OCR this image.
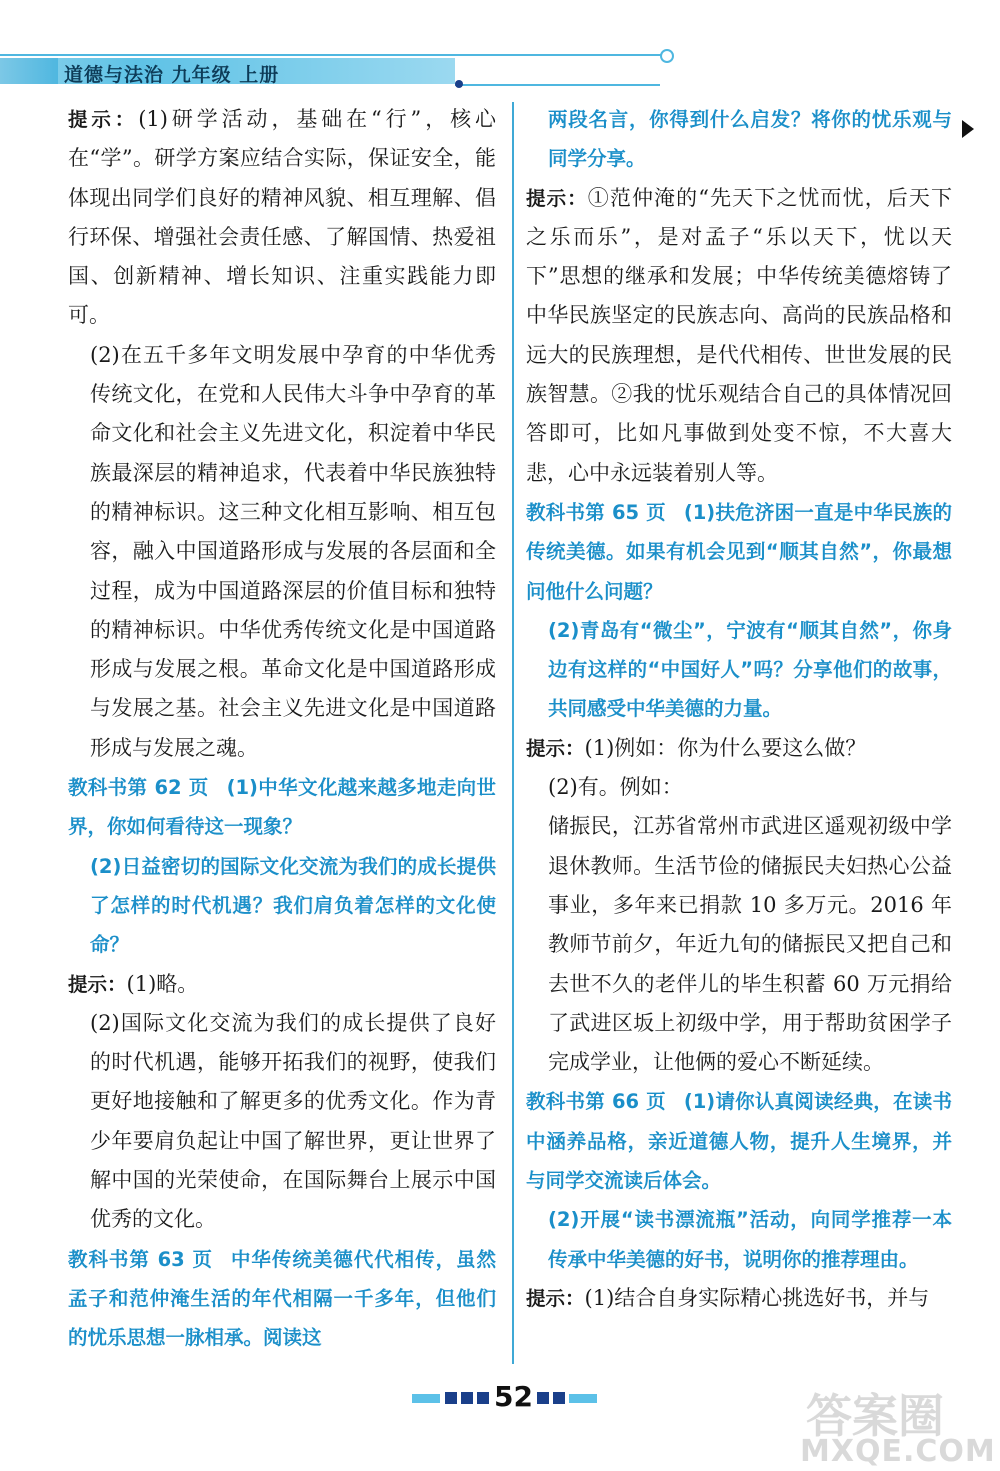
道德与法治 九年级 上册

提示：(1)研学活动，基础在“行”，核心在“学”。研学方案应结合实际，保证安全，能体现出同学们良好的精神风貌、相互理解、倡行环保、增强社会责任感、了解国情、热爱祖国、创新精神、增长知识、注重实践能力即可。

(2)在五千多年文明发展中孕育的中华优秀传统文化，在党和人民伟大斗争中孕育的革命文化和社会主义先进文化，积淀着中华民族最深层的精神追求，代表着中华民族独特的精神标识。这三种文化相互影响、相互包容，融入中国道路形成与发展的各层面和全过程，成为中国道路深层的价值目标和独特的精神标识。中华优秀传统文化是中国道路形成与发展之根。革命文化是中国道路形成与发展之基。社会主义先进文化是中国道路形成与发展之魂。

教科书第 62 页 (1)中华文化越来越多地走向世界，你如何看待这一现象？

(2)日益密切的国际文化交流为我们的成长提供了怎样的时代机遇？我们肩负着怎样的文化使命？

提示：(1)略。

(2)国际文化交流为我们的成长提供了良好的时代机遇，能够开拓我们的视野，使我们更好地接触和了解更多的优秀文化。作为青少年要肩负起让中国了解世界，更让世界了解中国的光荣使命，在国际舞台上展示中国优秀的文化。

教科书第 63 页 中华传统美德代代相传，虽然孟子和范仲淹生活的年代相隔一千多年，但他们的忧乐思想一脉相承。阅读这

两段名言，你得到什么启发？将你的忧乐观与同学分享。

提示：①范仲淹的“先天下之忧而忧，后天下之乐而乐”，是对孟子“乐以天下，忧以天下”思想的继承和发展；中华传统美德熔铸了中华民族坚定的民族志向、高尚的民族品格和远大的民族理想，是代代相传、世世发展的民族智慧。②我的忧乐观结合自己的具体情况回答即可，比如凡事做到处变不惊，不大喜大悲，心中永远装着别人等。

教科书第 65 页 (1)扶危济困一直是中华民族的传统美德。如果有机会见到“顺其自然”，你最想问他什么问题？

(2)青岛有“微尘”，宁波有“顺其自然”，你身边有这样的“中国好人”吗？分享他们的故事，共同感受中华美德的力量。

提示：(1)例如：你为什么要这么做？

(2)有。例如：

储振民，江苏省常州市武进区遥观初级中学退休教师。生活节俭的储振民夫妇热心公益事业，多年来已捐款 10 多万元。2016 年教师节前夕，年近九旬的储振民又把自己和去世不久的老伴儿的毕生积蓄 60 万元捐给了武进区坂上初级中学，用于帮助贫困学子完成学业，让他俩的爱心不断延续。

教科书第 66 页 (1)请你认真阅读经典，在读书中涵养品格，亲近道德人物，提升人生境界，并与同学交流读后体会。

(2)开展“读书漂流瓶”活动，向同学推荐一本传承中华美德的好书，说明你的推荐理由。

提示：(1)结合自身实际精心挑选好书，并与

52	答案圈
MXQE.COM
